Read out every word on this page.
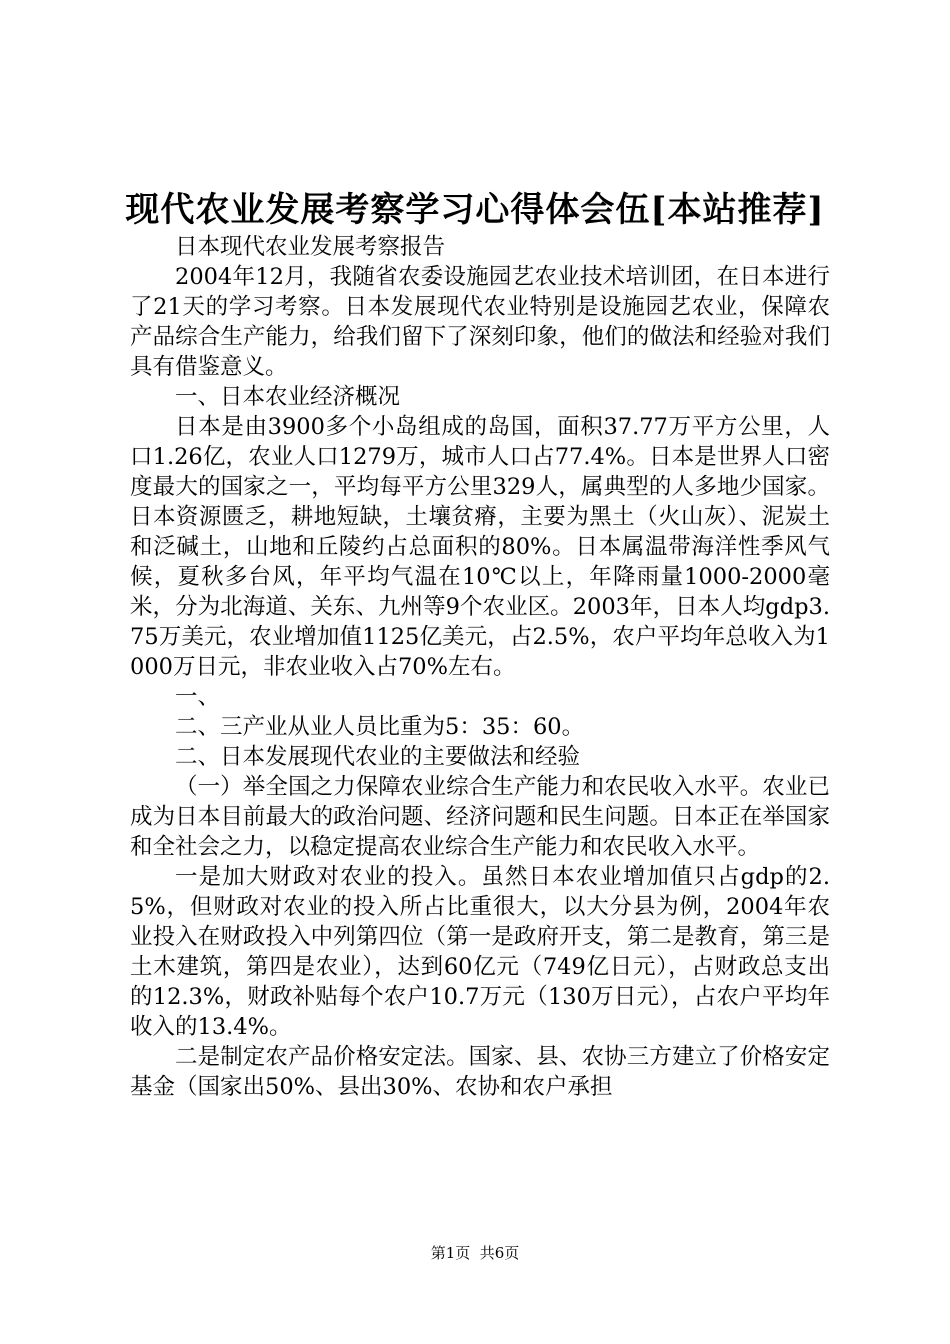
现代农业发展考察学习心得体会伍[本站推荐]

日本现代农业发展考察报告

2004年12月，我随省农委设施园艺农业技术培训团，在日本进行了21天的学习考察。日本发展现代农业特别是设施园艺农业，保障农产品综合生产能力，给我们留下了深刻印象，他们的做法和经验对我们具有借鉴意义。

一、日本农业经济概况

日本是由3900多个小岛组成的岛国，面积37.77万平方公里，人口1.26亿，农业人口1279万，城市人口占77.4%。日本是世界人口密度最大的国家之一，平均每平方公里329人，属典型的人多地少国家。日本资源匮乏，耕地短缺，土壤贫瘠，主要为黑土（火山灰）、泥炭土和泛碱土，山地和丘陵约占总面积的80%。日本属温带海洋性季风气候，夏秋多台风，年平均气温在10℃以上，年降雨量1000-2000毫米，分为北海道、关东、九州等9个农业区。2003年，日本人均gdp3.75万美元，农业增加值1125亿美元，占2.5%，农户平均年总收入为1000万日元，非农业收入占70%左右。

一、

二、三产业从业人员比重为5：35：60。

二、日本发展现代农业的主要做法和经验

（一）举全国之力保障农业综合生产能力和农民收入水平。农业已成为日本目前最大的政治问题、经济问题和民生问题。日本正在举国家和全社会之力，以稳定提高农业综合生产能力和农民收入水平。

一是加大财政对农业的投入。虽然日本农业增加值只占gdp的2.5%，但财政对农业的投入所占比重很大，以大分县为例，2004年农业投入在财政投入中列第四位（第一是政府开支，第二是教育，第三是土木建筑，第四是农业），达到60亿元（749亿日元），占财政总支出的12.3%，财政补贴每个农户10.7万元（130万日元），占农户平均年收入的13.4%。

二是制定农产品价格安定法。国家、县、农协三方建立了价格安定基金（国家出50%、县出30%、农协和农户承担

第1页  共6页
